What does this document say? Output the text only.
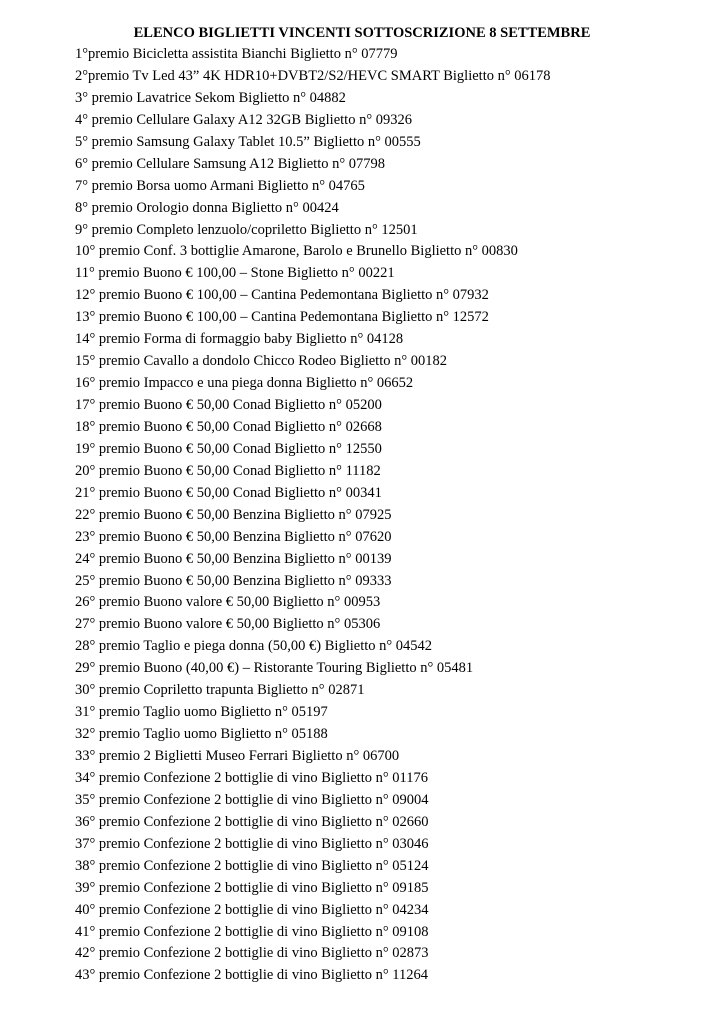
ELENCO BIGLIETTI VINCENTI SOTTOSCRIZIONE 8 SETTEMBRE
1°premio Bicicletta assistita Bianchi Biglietto n° 07779
2°premio Tv Led 43” 4K HDR10+DVBT2/S2/HEVC SMART Biglietto n° 06178
3° premio Lavatrice Sekom Biglietto n° 04882
4° premio Cellulare Galaxy A12 32GB Biglietto n° 09326
5° premio Samsung Galaxy Tablet 10.5” Biglietto n° 00555
6° premio Cellulare Samsung A12 Biglietto n° 07798
7° premio Borsa uomo Armani Biglietto n° 04765
8° premio Orologio donna Biglietto n° 00424
9° premio Completo lenzuolo/copriletto Biglietto n° 12501
10° premio Conf. 3 bottiglie Amarone, Barolo e Brunello Biglietto n° 00830
11° premio Buono € 100,00 – Stone Biglietto n° 00221
12° premio Buono € 100,00 – Cantina Pedemontana Biglietto n° 07932
13° premio Buono € 100,00 – Cantina Pedemontana Biglietto n° 12572
14° premio Forma di formaggio baby Biglietto n° 04128
15° premio Cavallo a dondolo Chicco Rodeo Biglietto n° 00182
16° premio Impacco e una piega donna Biglietto n° 06652
17° premio Buono € 50,00 Conad Biglietto n° 05200
18° premio Buono € 50,00 Conad Biglietto n° 02668
19° premio Buono € 50,00 Conad Biglietto n° 12550
20° premio Buono € 50,00 Conad Biglietto n° 11182
21° premio Buono € 50,00 Conad Biglietto n° 00341
22° premio Buono € 50,00 Benzina Biglietto n° 07925
23° premio Buono € 50,00 Benzina Biglietto n° 07620
24° premio Buono € 50,00 Benzina Biglietto n° 00139
25° premio Buono € 50,00 Benzina Biglietto n° 09333
26° premio Buono valore € 50,00 Biglietto n° 00953
27° premio Buono valore € 50,00 Biglietto n° 05306
28° premio Taglio e piega donna (50,00 €) Biglietto n° 04542
29° premio Buono (40,00 €) – Ristorante Touring Biglietto n° 05481
30° premio Copriletto trapunta Biglietto n° 02871
31° premio Taglio uomo Biglietto n° 05197
32° premio Taglio uomo Biglietto n° 05188
33° premio 2 Biglietti Museo Ferrari Biglietto n° 06700
34° premio Confezione 2 bottiglie di vino Biglietto n° 01176
35° premio Confezione 2 bottiglie di vino Biglietto n° 09004
36° premio Confezione 2 bottiglie di vino Biglietto n° 02660
37° premio Confezione 2 bottiglie di vino Biglietto n° 03046
38° premio Confezione 2 bottiglie di vino Biglietto n° 05124
39° premio Confezione 2 bottiglie di vino Biglietto n° 09185
40° premio Confezione 2 bottiglie di vino Biglietto n° 04234
41° premio Confezione 2 bottiglie di vino Biglietto n° 09108
42° premio Confezione 2 bottiglie di vino Biglietto n° 02873
43° premio Confezione 2 bottiglie di vino Biglietto n° 11264
